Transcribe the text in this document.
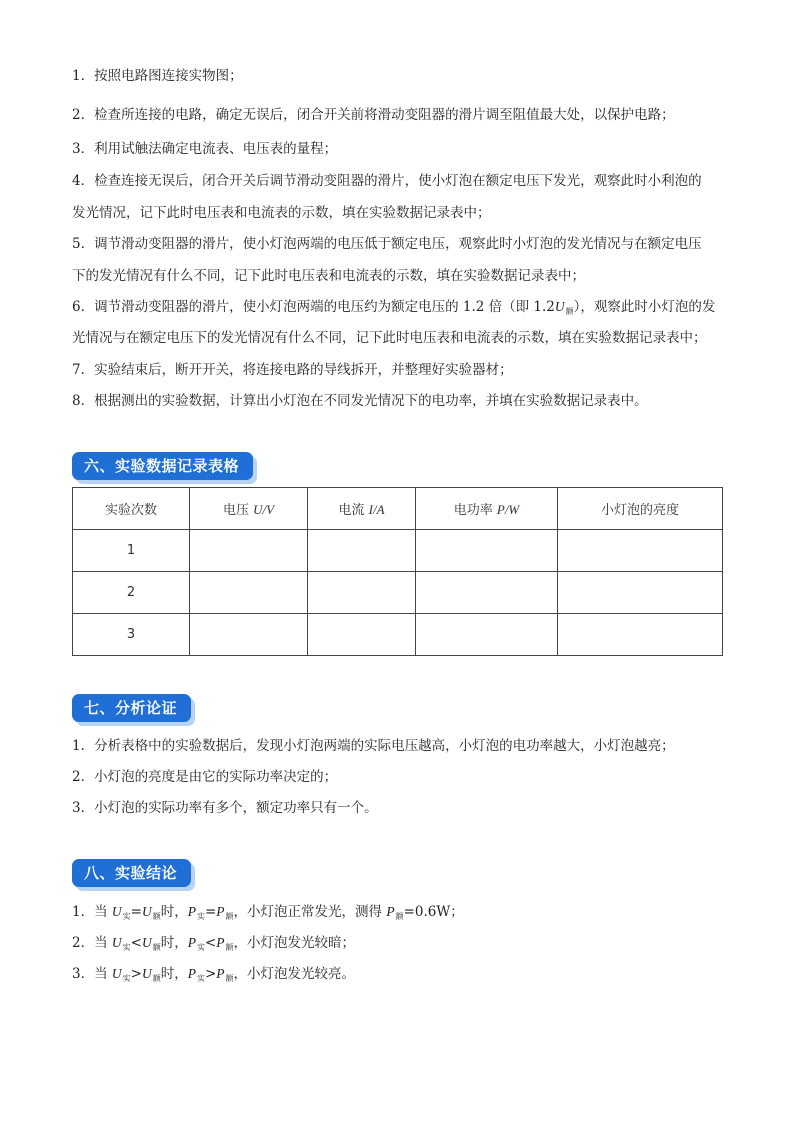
1．按照电路图连接实物图；
2．检查所连接的电路，确定无误后，闭合开关前将滑动变阻器的滑片调至阻值最大处，以保护电路；
3．利用试触法确定电流表、电压表的量程；
4．检查连接无误后，闭合开关后调节滑动变阻器的滑片，使小灯泡在额定电压下发光，观察此时小利泡的
发光情况，记下此时电压表和电流表的示数，填在实验数据记录表中；
5．调节滑动变阻器的滑片，使小灯泡两端的电压低于额定电压，观察此时小灯泡的发光情况与在额定电压
下的发光情况有什么不同，记下此时电压表和电流表的示数，填在实验数据记录表中；
6．调节滑动变阻器的滑片，使小灯泡两端的电压约为额定电压的 1.2 倍（即 $1.2U_额$），观察此时小灯泡的发
光情况与在额定电压下的发光情况有什么不同，记下此时电压表和电流表的示数，填在实验数据记录表中；
7．实验结束后，断开开关，将连接电路的导线拆开，并整理好实验器材；
8．根据测出的实验数据，计算出小灯泡在不同发光情况下的电功率，并填在实验数据记录表中。
六、实验数据记录表格
实验次数	电压 U/V	电流 I/A	电功率 P/W	小灯泡的亮度
1				
2				
3				
七、分析论证
1．分析表格中的实验数据后，发现小灯泡两端的实际电压越高，小灯泡的电功率越大，小灯泡越亮；
2．小灯泡的亮度是由它的实际功率决定的；
3．小灯泡的实际功率有多个，额定功率只有一个。
八、实验结论
1．当 $U_实=U_额$时，$P_实=P_额$，小灯泡正常发光，测得 $P_额=0.6W$；
2．当 $U_实<U_额$时，$P_实<P_额$，小灯泡发光较暗；
3．当 $U_实>U_额$时，$P_实>P_额$，小灯泡发光较亮。
